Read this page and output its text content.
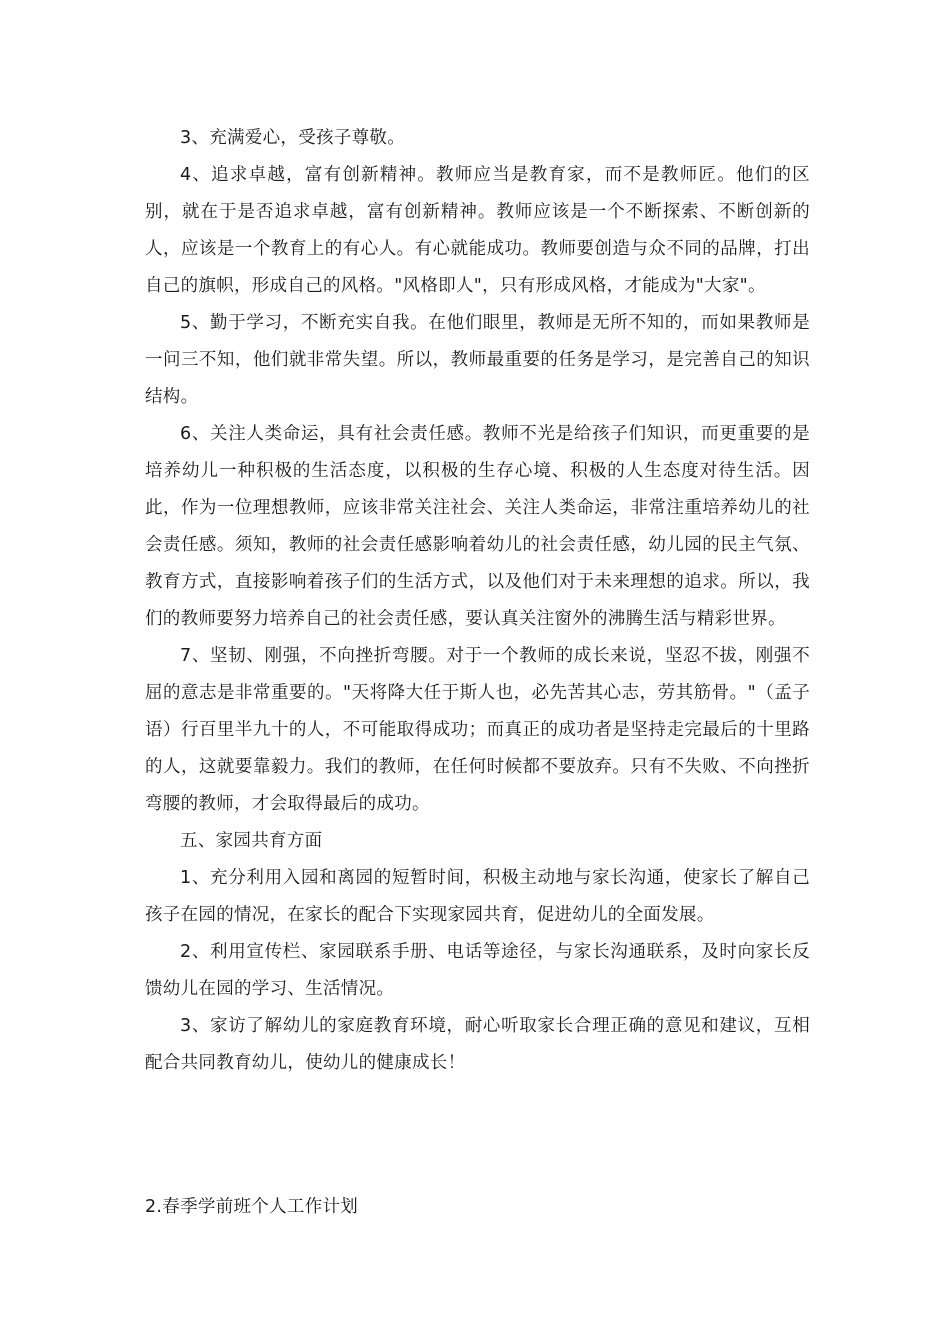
3、充满爱心，受孩子尊敬。

4、追求卓越，富有创新精神。教师应当是教育家，而不是教师匠。他们的区别，就在于是否追求卓越，富有创新精神。教师应该是一个不断探索、不断创新的人，应该是一个教育上的有心人。有心就能成功。教师要创造与众不同的品牌，打出自己的旗帜，形成自己的风格。"风格即人"，只有形成风格，才能成为"大家"。

5、勤于学习，不断充实自我。在他们眼里，教师是无所不知的，而如果教师是一问三不知，他们就非常失望。所以，教师最重要的任务是学习，是完善自己的知识结构。

6、关注人类命运，具有社会责任感。教师不光是给孩子们知识，而更重要的是培养幼儿一种积极的生活态度，以积极的生存心境、积极的人生态度对待生活。因此，作为一位理想教师，应该非常关注社会、关注人类命运，非常注重培养幼儿的社会责任感。须知，教师的社会责任感影响着幼儿的社会责任感，幼儿园的民主气氛、教育方式，直接影响着孩子们的生活方式，以及他们对于未来理想的追求。所以，我们的教师要努力培养自己的社会责任感，要认真关注窗外的沸腾生活与精彩世界。

7、坚韧、刚强，不向挫折弯腰。对于一个教师的成长来说，坚忍不拔，刚强不屈的意志是非常重要的。"天将降大任于斯人也，必先苦其心志，劳其筋骨。"（孟子语）行百里半九十的人，不可能取得成功；而真正的成功者是坚持走完最后的十里路的人，这就要靠毅力。我们的教师，在任何时候都不要放弃。只有不失败、不向挫折弯腰的教师，才会取得最后的成功。

五、家园共育方面

1、充分利用入园和离园的短暂时间，积极主动地与家长沟通，使家长了解自己孩子在园的情况，在家长的配合下实现家园共育，促进幼儿的全面发展。

2、利用宣传栏、家园联系手册、电话等途径，与家长沟通联系，及时向家长反馈幼儿在园的学习、生活情况。

3、家访了解幼儿的家庭教育环境，耐心听取家长合理正确的意见和建议，互相配合共同教育幼儿，使幼儿的健康成长！

2.春季学前班个人工作计划
